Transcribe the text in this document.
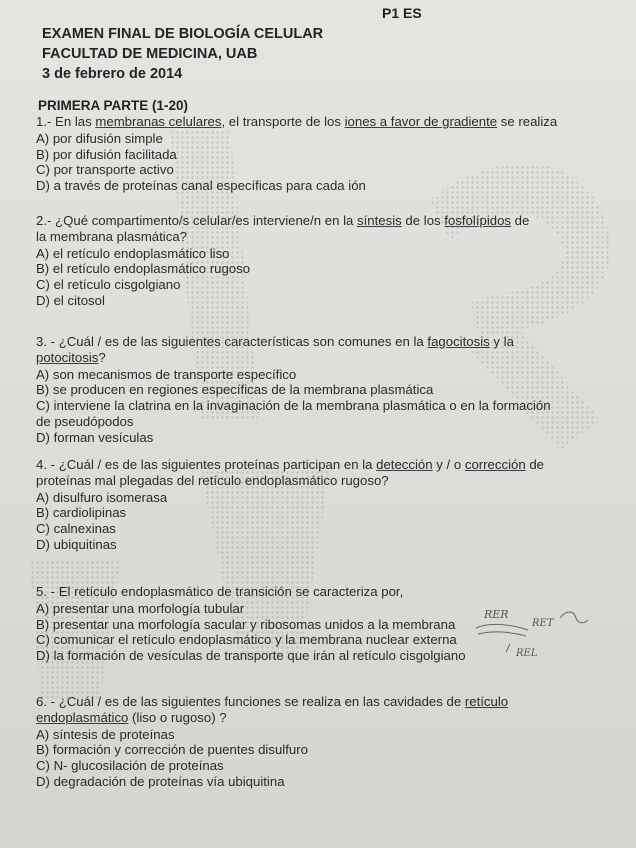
P1 ES
EXAMEN FINAL DE BIOLOGÍA CELULAR
FACULTAD DE MEDICINA, UAB
3 de febrero de 2014
PRIMERA PARTE (1-20)
1.- En las membranas celulares, el transporte de los iones a favor de gradiente se realiza
A) por difusión simple
B) por difusión facilitada
C) por transporte activo
D) a través de proteínas canal específicas para cada ión
2.- ¿Qué compartimento/s celular/es interviene/n en la síntesis de los fosfolípidos de la membrana plasmática?
A) el retículo endoplasmático liso
B) el retículo endoplasmático rugoso
C) el retículo cisgolgiano
D) el citosol
3. - ¿Cuál / es de las siguientes características son comunes en la fagocitosis y la potocitosis?
A) son mecanismos de transporte específico
B) se producen en regiones específicas de la membrana plasmática
C) interviene la clatrina en la invaginación de la membrana plasmática o en la formación de pseudópodos
D) forman vesículas
4. - ¿Cuál / es de las siguientes proteínas participan en la detección y / o corrección de proteínas mal plegadas del retículo endoplasmático rugoso?
A) disulfuro isomerasa
B) cardiolipinas
C) calnexinas
D) ubiquitinas
5. - El retículo endoplasmático de transición se caracteriza por,
A) presentar una morfología tubular
B) presentar una morfología sacular y ribosomas unidos a la membrana
C) comunicar el retículo endoplasmático y la membrana nuclear externa
D) la formación de vesículas de transporte que irán al retículo cisgolgiano
RER
RET
REL
6. - ¿Cuál / es de las siguientes funciones se realiza en las cavidades de retículo endoplasmático (liso o rugoso) ?
A) síntesis de proteínas
B) formación y corrección de puentes disulfuro
C) N- glucosilación de proteínas
D) degradación de proteínas vía ubiquitina
